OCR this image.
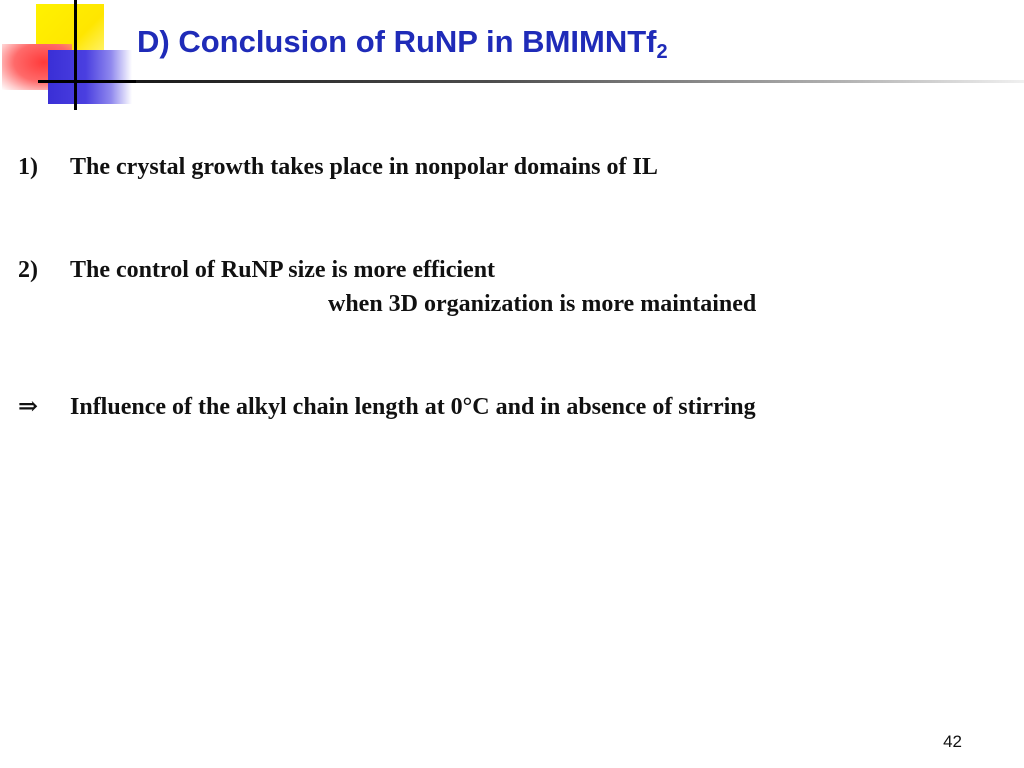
D) Conclusion of RuNP in BMIMNTf$_2$
1) The crystal growth takes place in nonpolar domains of IL
2) The control of RuNP size is more efficient
when 3D organization is more maintained
⇒ Influence of the alkyl chain length at 0°C and in absence of stirring
42
